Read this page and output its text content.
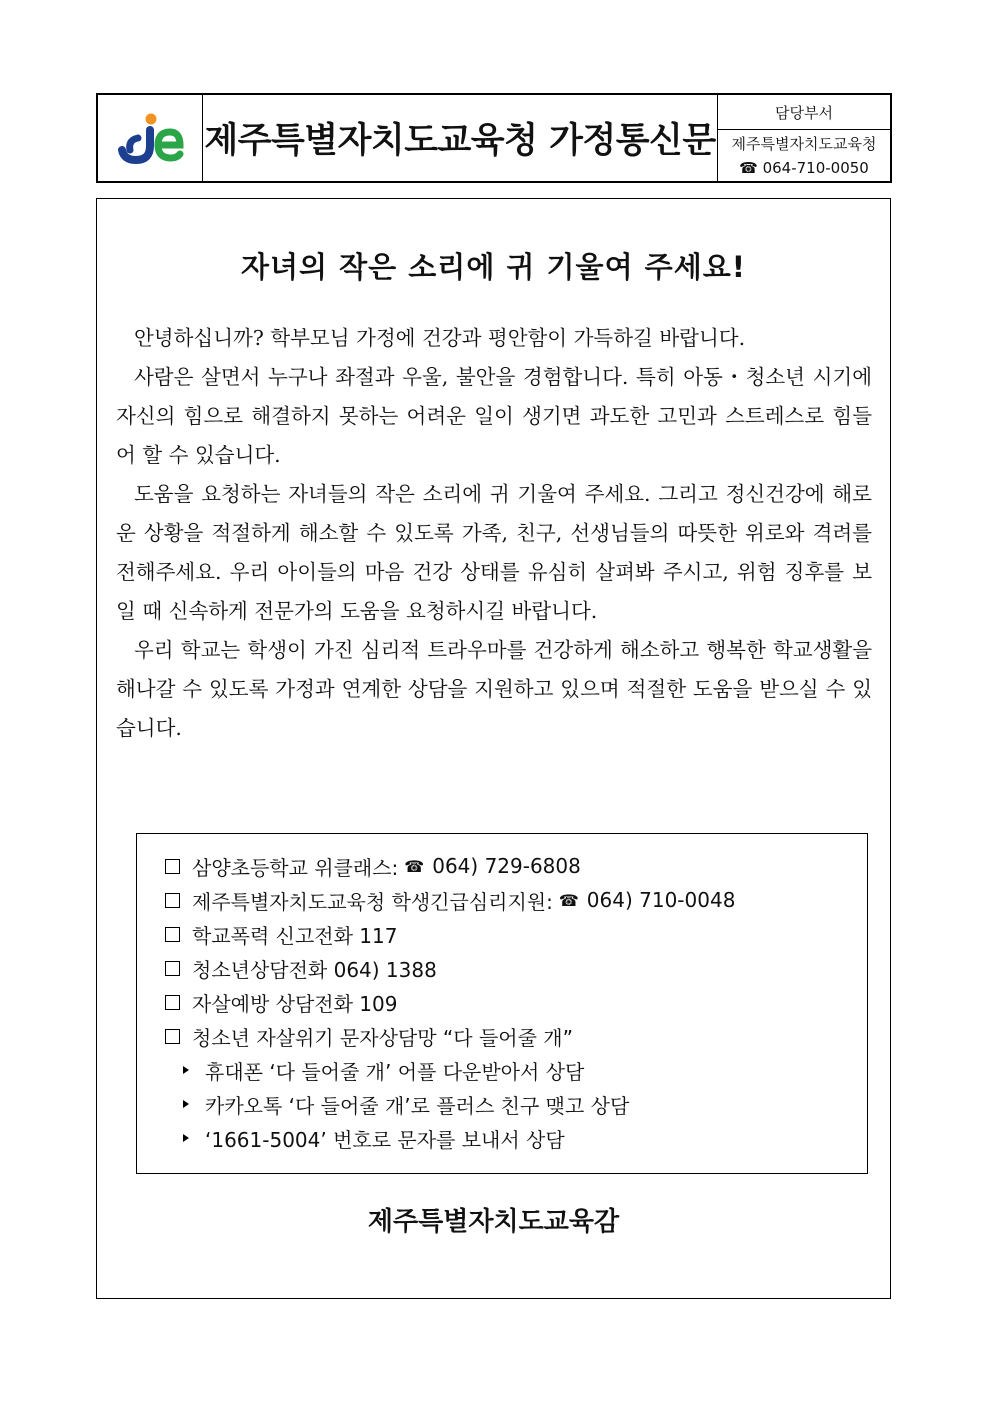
제주특별자치도교육청 가정통신문
담당부서
제주특별자치도교육청
☎ 064-710-0050
자녀의 작은 소리에 귀 기울여 주세요!

안녕하십니까? 학부모님 가정에 건강과 평안함이 가득하길 바랍니다.

사람은 살면서 누구나 좌절과 우울, 불안을 경험합니다. 특히 아동・청소년 시기에 자신의 힘으로 해결하지 못하는 어려운 일이 생기면 과도한 고민과 스트레스로 힘들어 할 수 있습니다.

도움을 요청하는 자녀들의 작은 소리에 귀 기울여 주세요. 그리고 정신건강에 해로운 상황을 적절하게 해소할 수 있도록 가족, 친구, 선생님들의 따뜻한 위로와 격려를 전해주세요. 우리 아이들의 마음 건강 상태를 유심히 살펴봐 주시고, 위험 징후를 보일 때 신속하게 전문가의 도움을 요청하시길 바랍니다.

우리 학교는 학생이 가진 심리적 트라우마를 건강하게 해소하고 행복한 학교생활을 해나갈 수 있도록 가정과 연계한 상담을 지원하고 있으며 적절한 도움을 받으실 수 있습니다.

삼양초등학교 위클래스: ☎ 064) 729-6808
제주특별자치도교육청 학생긴급심리지원: ☎ 064) 710-0048
학교폭력 신고전화 117
청소년상담전화 064) 1388
자살예방 상담전화 109
청소년 자살위기 문자상담망 “다 들어줄 개”
휴대폰 ‘다 들어줄 개’ 어플 다운받아서 상담
카카오톡 ‘다 들어줄 개’로 플러스 친구 맺고 상담
‘1661-5004’ 번호로 문자를 보내서 상담
제주특별자치도교육감
